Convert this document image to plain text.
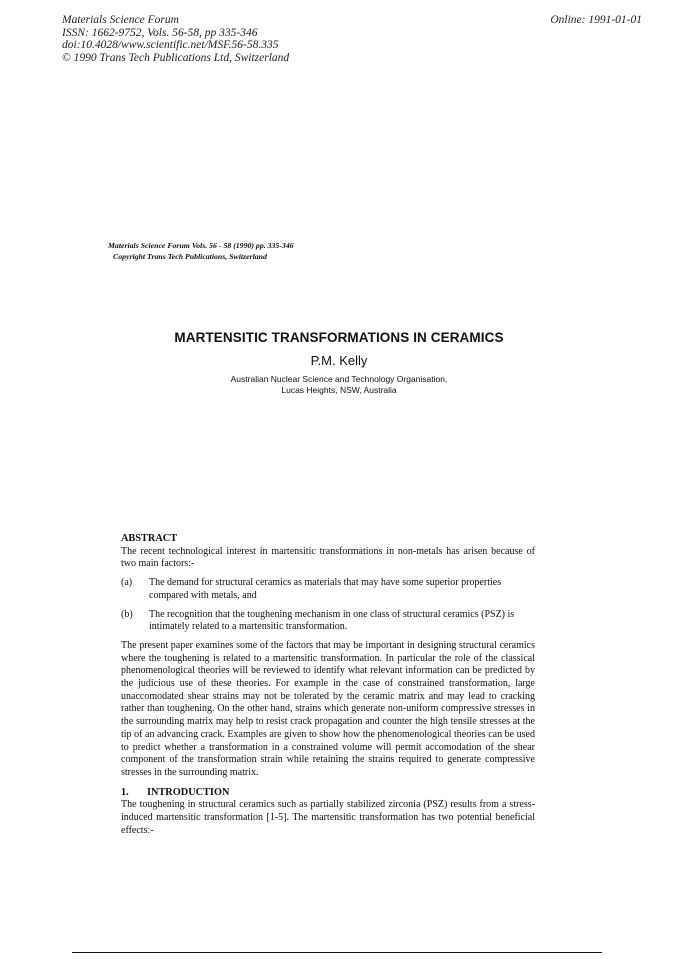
Materials Science Forum
ISSN: 1662-9752, Vols. 56-58, pp 335-346
doi:10.4028/www.scientific.net/MSF.56-58.335
© 1990 Trans Tech Publications Ltd, Switzerland
Online: 1991-01-01
Materials Science Forum Vols. 56 - 58 (1990) pp. 335-346
Copyright Trans Tech Publications, Switzerland
MARTENSITIC TRANSFORMATIONS IN CERAMICS
P.M. Kelly
Australian Nuclear Science and Technology Organisation,
Lucas Heights, NSW, Australia
ABSTRACT

The recent technological interest in martensitic transformations in non-metals has arisen because of two main factors:-

(a)	The demand for structural ceramics as materials that may have some superior properties compared with metals, and
(b)	The recognition that the toughening mechanism in one class of structural ceramics (PSZ) is intimately related to a martensitic transformation.

The present paper examines some of the factors that may be important in designing structural ceramics where the toughening is related to a martensitic transformation. In particular the role of the classical phenomenological theories will be reviewed to identify what relevant information can be predicted by the judicious use of these theories. For example in the case of constrained transformation, large unaccomodated shear strains may not be tolerated by the ceramic matrix and may lead to cracking rather than toughening. On the other hand, strains which generate non-uniform compressive stresses in the surrounding matrix may help to resist crack propagation and counter the high tensile stresses at the tip of an advancing crack. Examples are given to show how the phenomenological theories can be used to predict whether a transformation in a constrained volume will permit accomodation of the shear component of the transformation strain while retaining the strains required to generate compressive stresses in the surrounding matrix.

1. INTRODUCTION

The toughening in structural ceramics such as partially stabilized zirconia (PSZ) results from a stress-induced martensitic transformation [1-5]. The martensitic transformation has two potential beneficial effects:-
